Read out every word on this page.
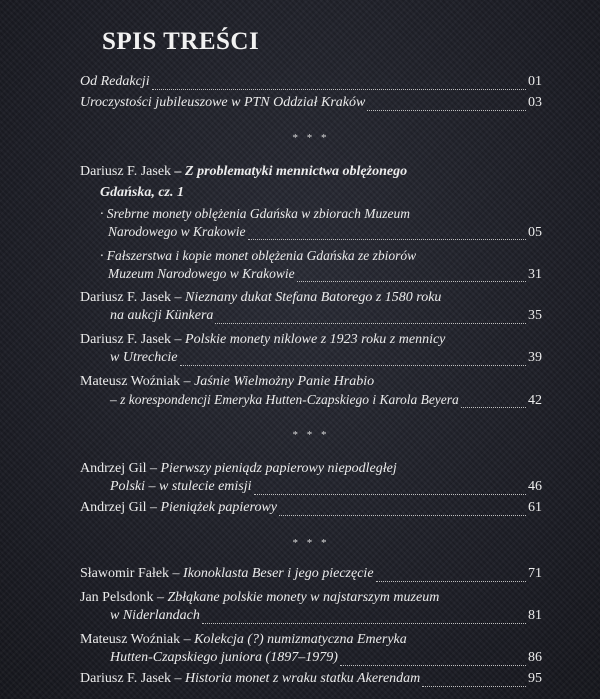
SPIS TREŚCI
Od Redakcji	01
Uroczystości jubileuszowe w PTN Oddział Kraków	03
* * *
Dariusz F. Jasek – Z problematyki mennictwa oblężonego
Gdańska, cz. 1
· Srebrne monety oblężenia Gdańska w zbiorach Muzeum
Narodowego w Krakowie	05
· Fałszerstwa i kopie monet oblężenia Gdańska ze zbiorów
Muzeum Narodowego w Krakowie	31
Dariusz F. Jasek – Nieznany dukat Stefana Batorego z 1580 roku
na aukcji Künkera	35
Dariusz F. Jasek – Polskie monety niklowe z 1923 roku z mennicy
w Utrechcie	39
Mateusz Woźniak – Jaśnie Wielmożny Panie Hrabio
– z korespondencji Emeryka Hutten-Czapskiego i Karola Beyera	42
* * *
Andrzej Gil – Pierwszy pieniądz papierowy niepodległej
Polski – w stulecie emisji	46
Andrzej Gil – Pieniążek papierowy	61
* * *
Sławomir Fałek – Ikonoklasta Beser i jego pieczęcie	71
Jan Pelsdonk – Zbłąkane polskie monety w najstarszym muzeum
w Niderlandach	81
Mateusz Woźniak – Kolekcja (?) numizmatyczna Emeryka
Hutten-Czapskiego juniora (1897–1979)	86
Dariusz F. Jasek – Historia monet z wraku statku Akerendam	95
